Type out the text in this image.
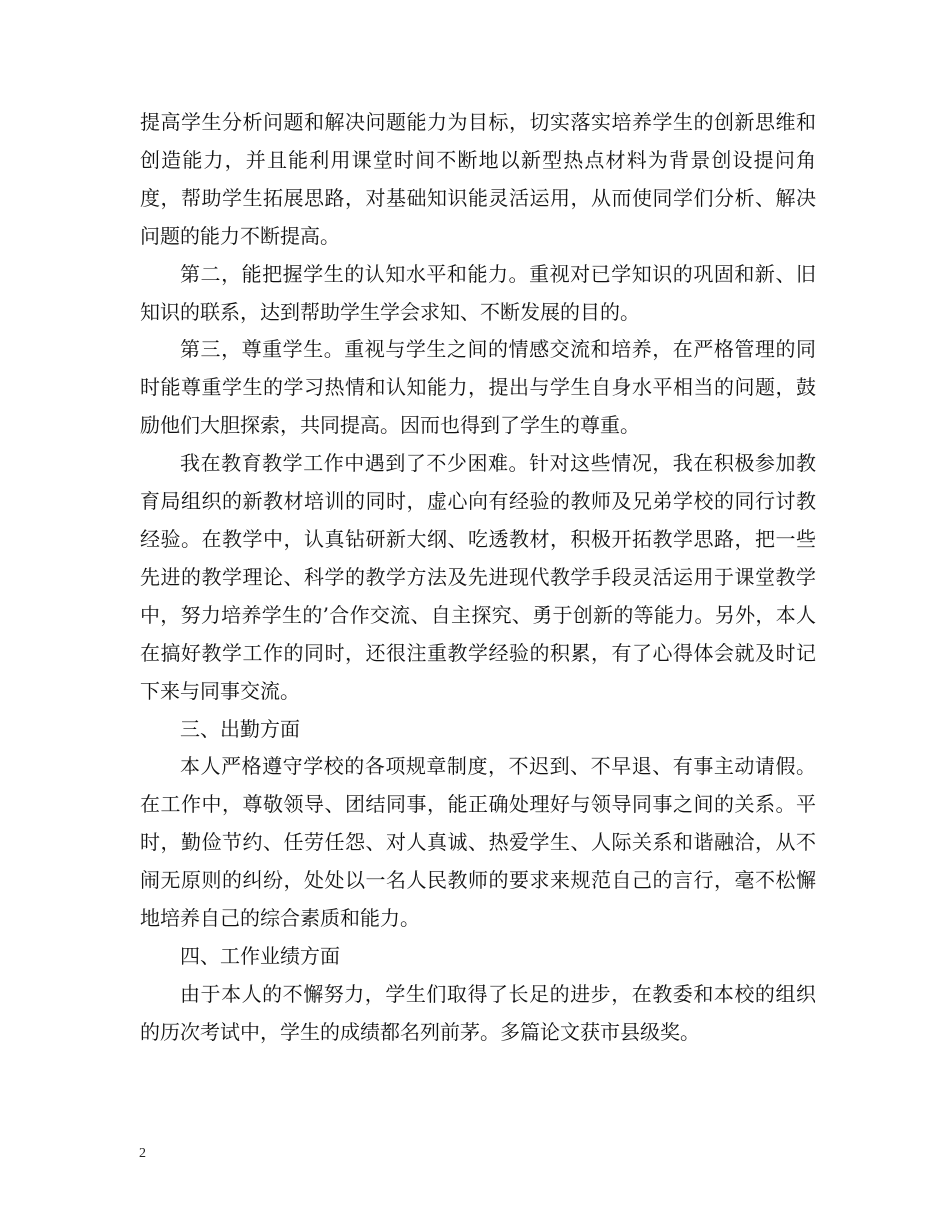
提高学生分析问题和解决问题能力为目标，切实落实培养学生的创新思维和创造能力，并且能利用课堂时间不断地以新型热点材料为背景创设提问角度，帮助学生拓展思路，对基础知识能灵活运用，从而使同学们分析、解决问题的能力不断提高。

第二，能把握学生的认知水平和能力。重视对已学知识的巩固和新、旧知识的联系，达到帮助学生学会求知、不断发展的目的。

第三，尊重学生。重视与学生之间的情感交流和培养，在严格管理的同时能尊重学生的学习热情和认知能力，提出与学生自身水平相当的问题，鼓励他们大胆探索，共同提高。因而也得到了学生的尊重。

我在教育教学工作中遇到了不少困难。针对这些情况，我在积极参加教育局组织的新教材培训的同时，虚心向有经验的教师及兄弟学校的同行讨教经验。在教学中，认真钻研新大纲、吃透教材，积极开拓教学思路，把一些先进的教学理论、科学的教学方法及先进现代教学手段灵活运用于课堂教学中，努力培养学生的’合作交流、自主探究、勇于创新的等能力。另外，本人在搞好教学工作的同时，还很注重教学经验的积累，有了心得体会就及时记下来与同事交流。

三、出勤方面

本人严格遵守学校的各项规章制度，不迟到、不早退、有事主动请假。在工作中，尊敬领导、团结同事，能正确处理好与领导同事之间的关系。平时，勤俭节约、任劳任怨、对人真诚、热爱学生、人际关系和谐融洽，从不闹无原则的纠纷，处处以一名人民教师的要求来规范自己的言行，毫不松懈地培养自己的综合素质和能力。

四、工作业绩方面

由于本人的不懈努力，学生们取得了长足的进步，在教委和本校的组织的历次考试中，学生的成绩都名列前茅。多篇论文获市县级奖。

2
